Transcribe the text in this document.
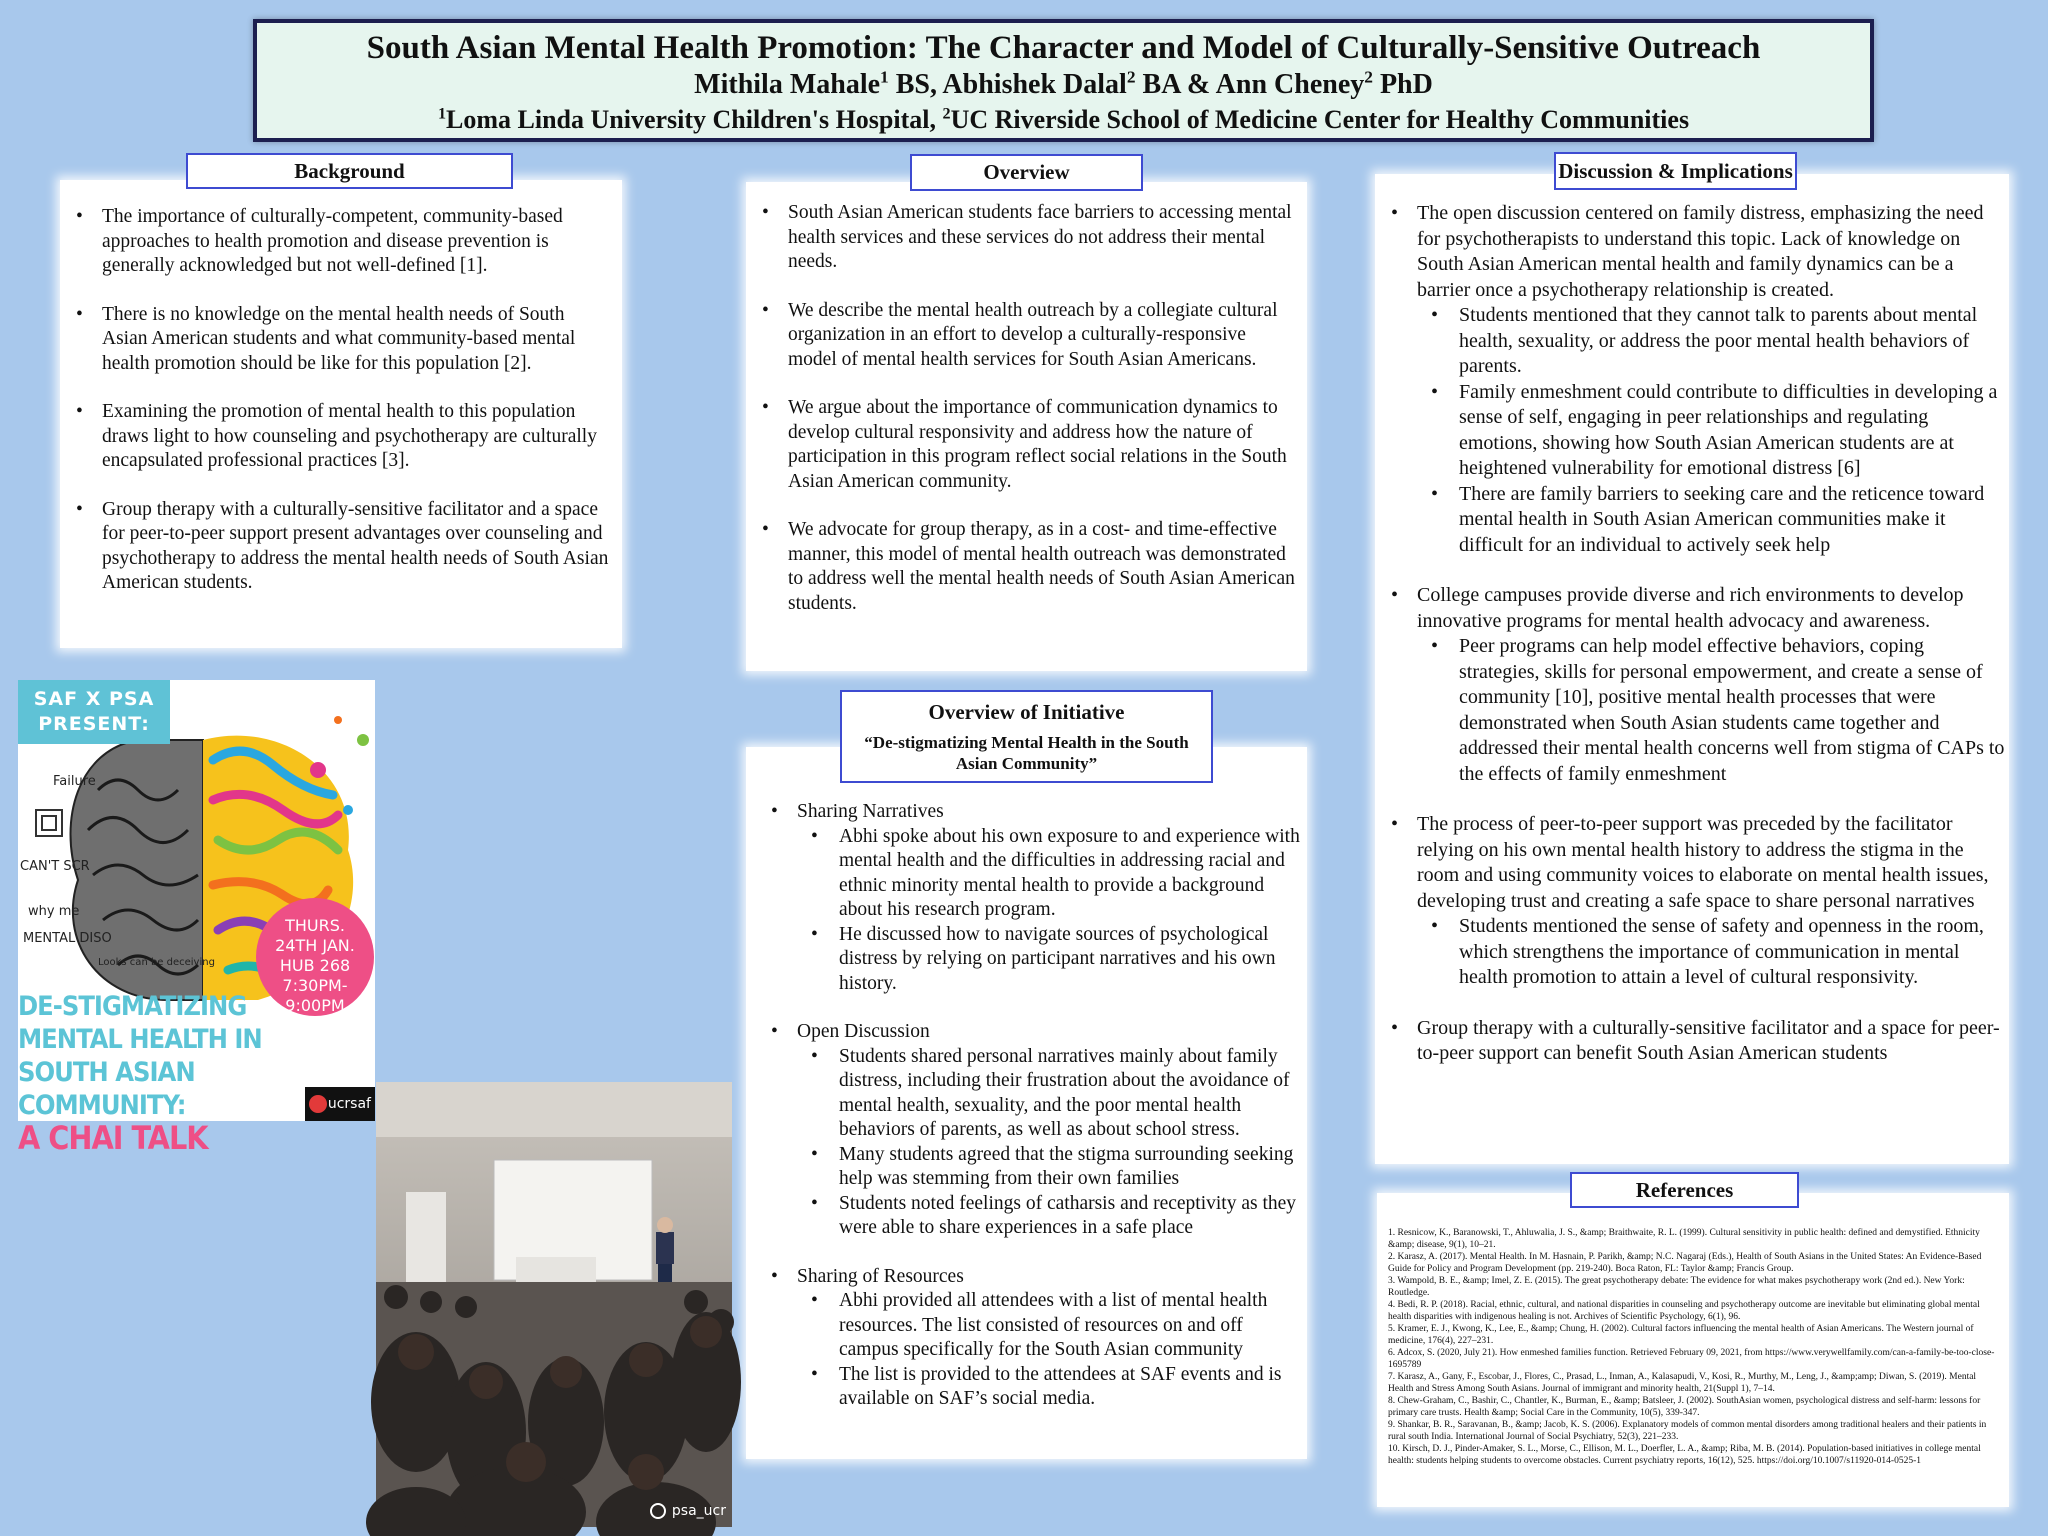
South Asian Mental Health Promotion: The Character and Model of Culturally-Sensitive Outreach
Mithila Mahale$^1$ BS, Abhishek Dalal$^2$ BA & Ann Cheney$^2$ PhD
$^1$Loma Linda University Children's Hospital, $^2$UC Riverside School of Medicine Center for Healthy Communities
Background
• The importance of culturally-competent, community-based approaches to health promotion and disease prevention is generally acknowledged but not well-defined [1].
• There is no knowledge on the mental health needs of South Asian American students and what community-based mental health promotion should be like for this population [2].
• Examining the promotion of mental health to this population draws light to how counseling and psychotherapy are culturally encapsulated professional practices [3].
• Group therapy with a culturally-sensitive facilitator and a space for peer-to-peer support present advantages over counseling and psychotherapy to address the mental health needs of South Asian American students.
Overview
• South Asian American students face barriers to accessing mental health services and these services do not address their mental needs.
• We describe the mental health outreach by a collegiate cultural organization in an effort to develop a culturally-responsive model of mental health services for South Asian Americans.
• We argue about the importance of communication dynamics to develop cultural responsivity and address how the nature of participation in this program reflect social relations in the South Asian American community.
• We advocate for group therapy, as in a cost- and time-effective manner, this model of mental health outreach was demonstrated to address well the mental health needs of South Asian American students.
Overview of Initiative
“De-stigmatizing Mental Health in the South Asian Community”
• Sharing Narratives
• Abhi spoke about his own exposure to and experience with mental health and the difficulties in addressing racial and ethnic minority mental health to provide a background about his research program.
• He discussed how to navigate sources of psychological distress by relying on participant narratives and his own history.
• Open Discussion
• Students shared personal narratives mainly about family distress, including their frustration about the avoidance of mental health, sexuality, and the poor mental health behaviors of parents, as well as about school stress.
• Many students agreed that the stigma surrounding seeking help was stemming from their own families
• Students noted feelings of catharsis and receptivity as they were able to share experiences in a safe place
• Sharing of Resources
• Abhi provided all attendees with a list of mental health resources. The list consisted of resources on and off campus specifically for the South Asian community
• The list is provided to the attendees at SAF events and is available on SAF’s social media.
Discussion & Implications
• The open discussion centered on family distress, emphasizing the need for psychotherapists to understand this topic. Lack of knowledge on South Asian American mental health and family dynamics can be a barrier once a psychotherapy relationship is created.
• Students mentioned that they cannot talk to parents about mental health, sexuality, or address the poor mental health behaviors of parents.
• Family enmeshment could contribute to difficulties in developing a sense of self, engaging in peer relationships and regulating emotions, showing how South Asian American students are at heightened vulnerability for emotional distress [6]
• There are family barriers to seeking care and the reticence toward mental health in South Asian American communities make it difficult for an individual to actively seek help
• College campuses provide diverse and rich environments to develop innovative programs for mental health advocacy and awareness.
• Peer programs can help model effective behaviors, coping strategies, skills for personal empowerment, and create a sense of community [10], positive mental health processes that were demonstrated when South Asian students came together and addressed their mental health concerns well from stigma of CAPs to the effects of family enmeshment
• The process of peer-to-peer support was preceded by the facilitator relying on his own mental health history to address the stigma in the room and using community voices to elaborate on mental health issues, developing trust and creating a safe space to share personal narratives
• Students mentioned the sense of safety and openness in the room, which strengthens the importance of communication in mental health promotion to attain a level of cultural responsivity.
• Group therapy with a culturally-sensitive facilitator and a space for peer-to-peer support can benefit South Asian American students
References
1. Resnicow, K., Baranowski, T., Ahluwalia, J. S., &amp; Braithwaite, R. L. (1999). Cultural sensitivity in public health: defined and demystified. Ethnicity &amp; disease, 9(1), 10–21.
2. Karasz, A. (2017). Mental Health. In M. Hasnain, P. Parikh, &amp; N.C. Nagaraj (Eds.), Health of South Asians in the United States: An Evidence-Based Guide for Policy and Program Development (pp. 219-240). Boca Raton, FL: Taylor &amp; Francis Group.
3. Wampold, B. E., &amp; Imel, Z. E. (2015). The great psychotherapy debate: The evidence for what makes psychotherapy work (2nd ed.). New York: Routledge.
4. Bedi, R. P. (2018). Racial, ethnic, cultural, and national disparities in counseling and psychotherapy outcome are inevitable but eliminating global mental health disparities with indigenous healing is not. Archives of Scientific Psychology, 6(1), 96.
5. Kramer, E. J., Kwong, K., Lee, E., &amp; Chung, H. (2002). Cultural factors influencing the mental health of Asian Americans. The Western journal of medicine, 176(4), 227–231.
6. Adcox, S. (2020, July 21). How enmeshed families function. Retrieved February 09, 2021, from https://www.verywellfamily.com/can-a-family-be-too-close-1695789
7. Karasz, A., Gany, F., Escobar, J., Flores, C., Prasad, L., Inman, A., Kalasapudi, V., Kosi, R., Murthy, M., Leng, J., &amp;amp; Diwan, S. (2019). Mental Health and Stress Among South Asians. Journal of immigrant and minority health, 21(Suppl 1), 7–14.
8. Chew-Graham, C., Bashir, C., Chantler, K., Burman, E., &amp; Batsleer, J. (2002). SouthAsian women, psychological distress and self-harm: lessons for primary care trusts. Health &amp; Social Care in the Community, 10(5), 339-347.
9. Shankar, B. R., Saravanan, B., &amp; Jacob, K. S. (2006). Explanatory models of common mental disorders among traditional healers and their patients in rural south India. International Journal of Social Psychiatry, 52(3), 221–233.
10. Kirsch, D. J., Pinder-Amaker, S. L., Morse, C., Ellison, M. L., Doerfler, L. A., &amp; Riba, M. B. (2014). Population-based initiatives in college mental health: students helping students to overcome obstacles. Current psychiatry reports, 16(12), 525. https://doi.org/10.1007/s11920-014-0525-1
Failure
CAN'T SCR
why me
MENTAL DISO
Looks can be deceiving
SAF X PSA
PRESENT:
THURS.
24TH JAN.
HUB 268
7:30PM-
9:00PM
DE-STIGMATIZING
MENTAL HEALTH IN
SOUTH ASIAN COMMUNITY:
A CHAI TALK
ucrsaf
psa_ucr
